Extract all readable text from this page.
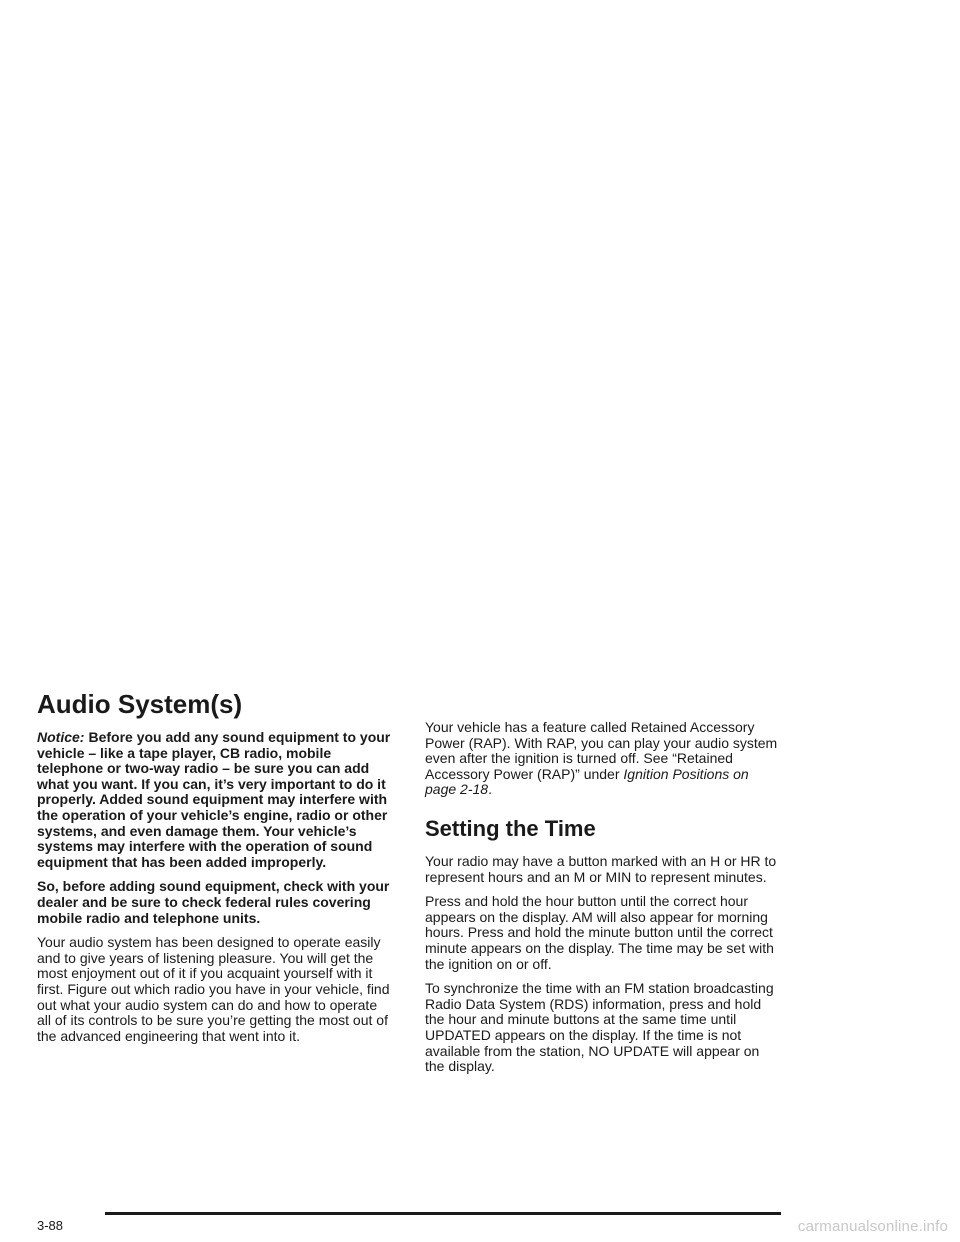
Audio System(s)

Notice: Before you add any sound equipment to your vehicle – like a tape player, CB radio, mobile telephone or two-way radio – be sure you can add what you want. If you can, it’s very important to do it properly. Added sound equipment may interfere with the operation of your vehicle’s engine, radio or other systems, and even damage them. Your vehicle’s systems may interfere with the operation of sound equipment that has been added improperly.

So, before adding sound equipment, check with your dealer and be sure to check federal rules covering mobile radio and telephone units.

Your audio system has been designed to operate easily and to give years of listening pleasure. You will get the most enjoyment out of it if you acquaint yourself with it first. Figure out which radio you have in your vehicle, find out what your audio system can do and how to operate all of its controls to be sure you’re getting the most out of the advanced engineering that went into it.

Your vehicle has a feature called Retained Accessory Power (RAP). With RAP, you can play your audio system even after the ignition is turned off. See “Retained Accessory Power (RAP)” under Ignition Positions on page 2-18.

Setting the Time

Your radio may have a button marked with an H or HR to represent hours and an M or MIN to represent minutes.

Press and hold the hour button until the correct hour appears on the display. AM will also appear for morning hours. Press and hold the minute button until the correct minute appears on the display. The time may be set with the ignition on or off.

To synchronize the time with an FM station broadcasting Radio Data System (RDS) information, press and hold the hour and minute buttons at the same time until UPDATED appears on the display. If the time is not available from the station, NO UPDATE will appear on the display.

3-88	carmanualsonline.info
